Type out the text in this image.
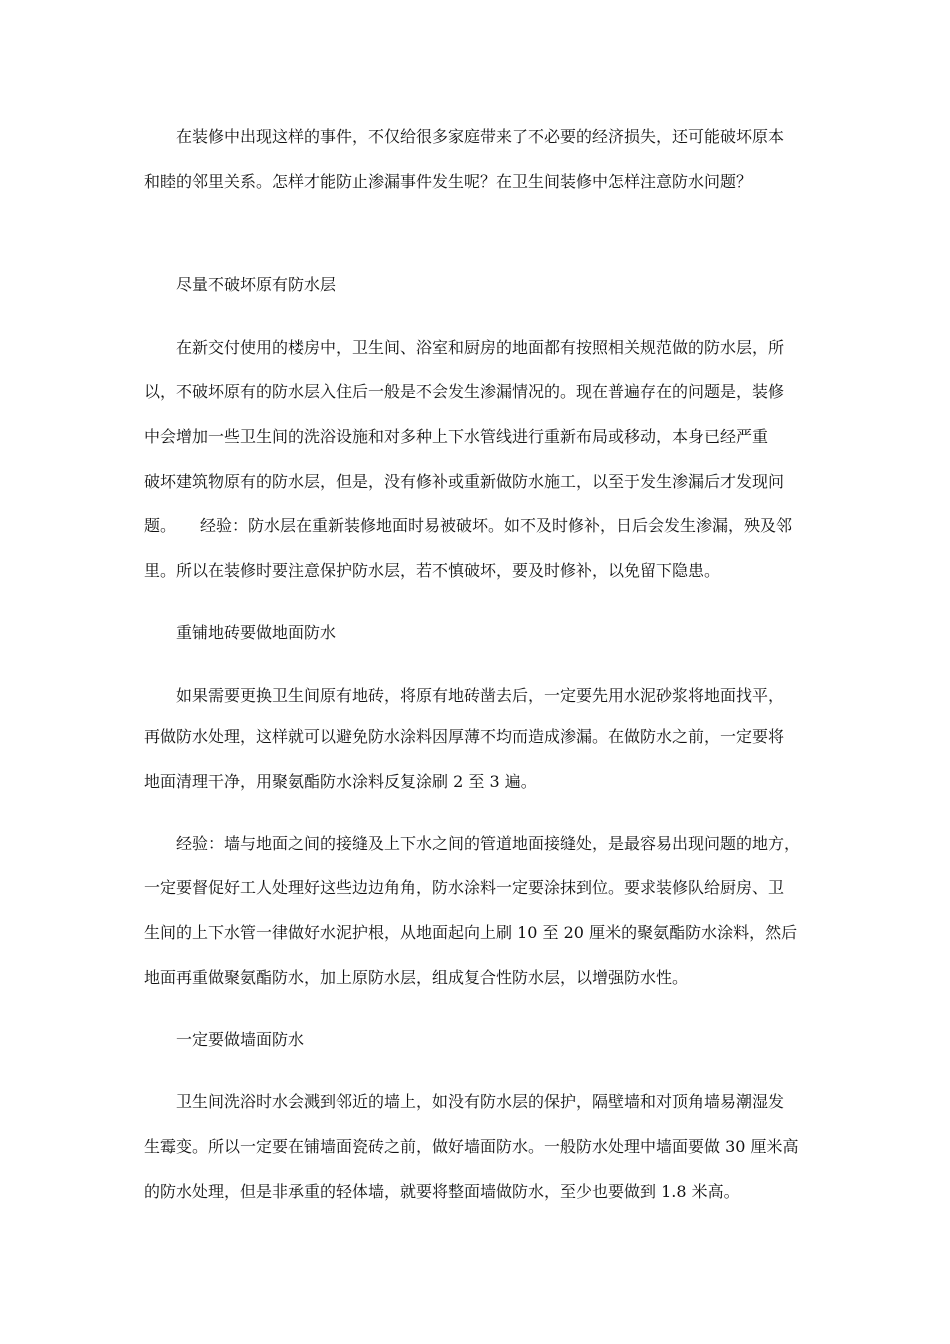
　　在装修中出现这样的事件，不仅给很多家庭带来了不必要的经济损失，还可能破坏原本

和睦的邻里关系。怎样才能防止渗漏事件发生呢？在卫生间装修中怎样注意防水问题？

　　尽量不破坏原有防水层

　　在新交付使用的楼房中，卫生间、浴室和厨房的地面都有按照相关规范做的防水层，所

以，不破坏原有的防水层入住后一般是不会发生渗漏情况的。现在普遍存在的问题是，装修

中会增加一些卫生间的洗浴设施和对多种上下水管线进行重新布局或移动，本身已经严重

破坏建筑物原有的防水层，但是，没有修补或重新做防水施工，以至于发生渗漏后才发现问

题。　　经验：防水层在重新装修地面时易被破坏。如不及时修补，日后会发生渗漏，殃及邻

里。所以在装修时要注意保护防水层，若不慎破坏，要及时修补，以免留下隐患。

　　重铺地砖要做地面防水

　　如果需要更换卫生间原有地砖，将原有地砖凿去后，一定要先用水泥砂浆将地面找平，

再做防水处理，这样就可以避免防水涂料因厚薄不均而造成渗漏。在做防水之前，一定要将

地面清理干净，用聚氨酯防水涂料反复涂刷 2 至 3 遍。

　　经验：墙与地面之间的接缝及上下水之间的管道地面接缝处，是最容易出现问题的地方，

一定要督促好工人处理好这些边边角角，防水涂料一定要涂抹到位。要求装修队给厨房、卫

生间的上下水管一律做好水泥护根，从地面起向上刷 10 至 20 厘米的聚氨酯防水涂料，然后

地面再重做聚氨酯防水，加上原防水层，组成复合性防水层，以增强防水性。

　　一定要做墙面防水

　　卫生间洗浴时水会溅到邻近的墙上，如没有防水层的保护，隔壁墙和对顶角墙易潮湿发

生霉变。所以一定要在铺墙面瓷砖之前，做好墙面防水。一般防水处理中墙面要做 30 厘米高

的防水处理，但是非承重的轻体墙，就要将整面墙做防水，至少也要做到 1.8 米高。
